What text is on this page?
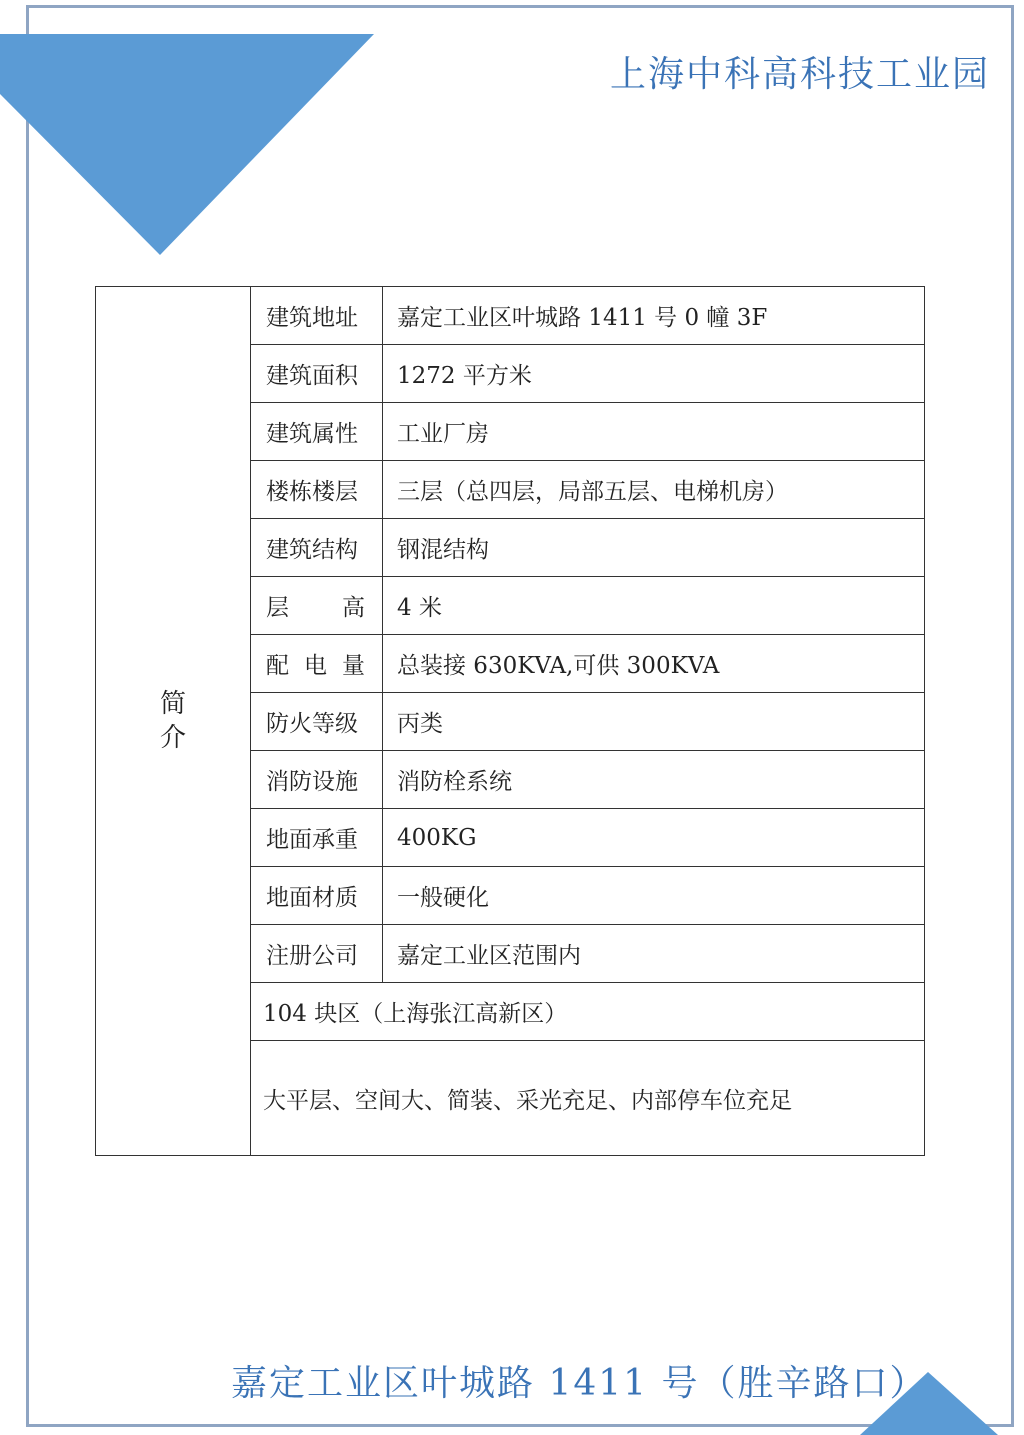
上海中科高科技工业园
简介	建筑地址	嘉定工业区叶城路 1411 号 0 幢 3F
	建筑面积	1272 平方米
	建筑属性	工业厂房
	楼栋楼层	三层（总四层，局部五层、电梯机房）
	建筑结构	钢混结构

	层 高	4 米

	配 电 量	总装接 630KVA,可供 300KVA
	防火等级	丙类
	消防设施	消防栓系统
	地面承重	400KG
	地面材质	一般硬化
	注册公司	嘉定工业区范围内
	104 块区（上海张江高新区）	
	大平层、空间大、简装、采光充足、内部停车位充足	
嘉定工业区叶城路 1411 号（胜辛路口）
